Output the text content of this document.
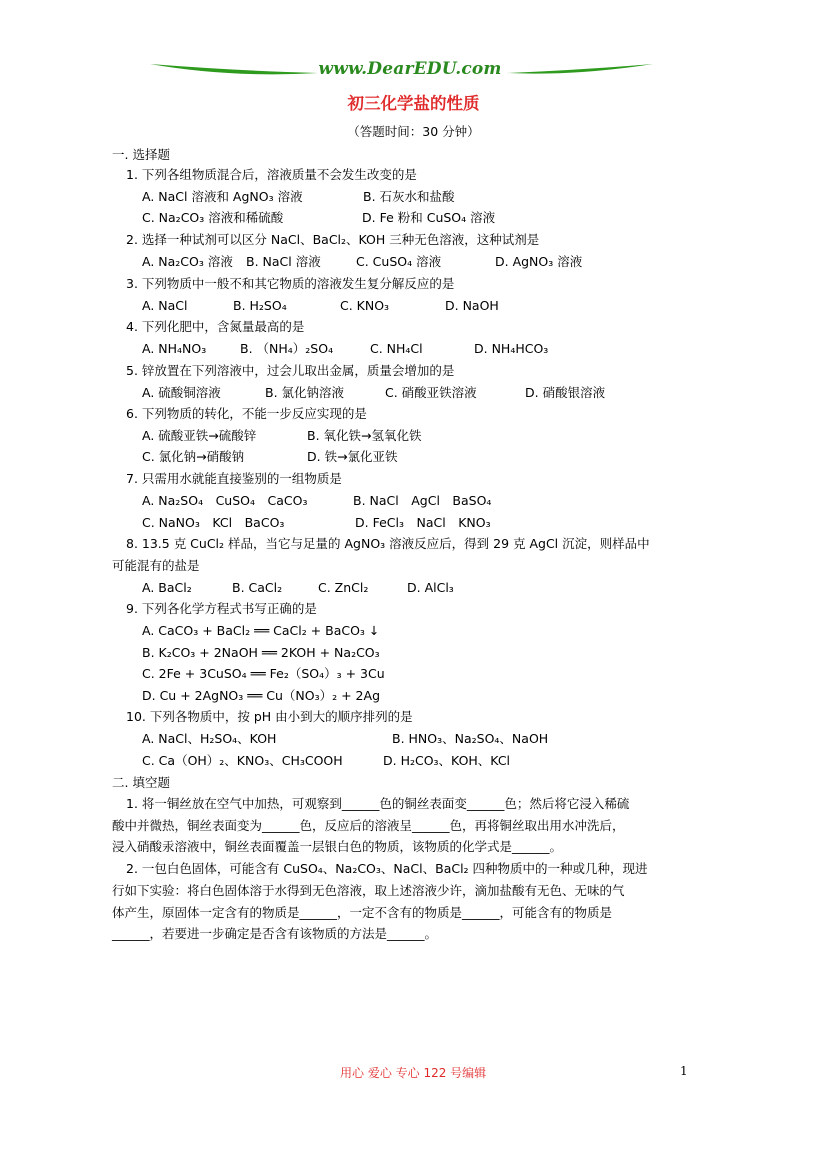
www.DearEDU.com
初三化学盐的性质
（答题时间：30 分钟）
一. 选择题
1. 下列各组物质混合后，溶液质量不会发生改变的是
A. NaCl 溶液和 AgNO₃ 溶液	B. 石灰水和盐酸
C. Na₂CO₃ 溶液和稀硫酸	D. Fe 粉和 CuSO₄ 溶液
2. 选择一种试剂可以区分 NaCl、BaCl₂、KOH 三种无色溶液，这种试剂是
A. Na₂CO₃ 溶液 B. NaCl 溶液	C. CuSO₄ 溶液	D. AgNO₃ 溶液
3. 下列物质中一般不和其它物质的溶液发生复分解反应的是
A. NaCl	B. H₂SO₄	C. KNO₃	D. NaOH
4. 下列化肥中，含氮量最高的是
A. NH₄NO₃	B. （NH₄）₂SO₄	C. NH₄Cl	D. NH₄HCO₃
5. 锌放置在下列溶液中，过会儿取出金属，质量会增加的是
A. 硫酸铜溶液	B. 氯化钠溶液	C. 硝酸亚铁溶液	D. 硝酸银溶液
6. 下列物质的转化，不能一步反应实现的是
A. 硫酸亚铁→硫酸锌	B. 氧化铁→氢氧化铁
C. 氯化钠→硝酸钠	D. 铁→氯化亚铁
7. 只需用水就能直接鉴别的一组物质是
A. Na₂SO₄　CuSO₄　CaCO₃	B. NaCl　AgCl　BaSO₄
C. NaNO₃　KCl　BaCO₃	D. FeCl₃　NaCl　KNO₃
8. 13.5 克 CuCl₂ 样品，当它与足量的 AgNO₃ 溶液反应后，得到 29 克 AgCl 沉淀，则样品中
可能混有的盐是
A. BaCl₂	B. CaCl₂	C. ZnCl₂	D. AlCl₃
9. 下列各化学方程式书写正确的是
A. CaCO₃ + BaCl₂ ══ CaCl₂ + BaCO₃ ↓
B. K₂CO₃ + 2NaOH ══ 2KOH + Na₂CO₃
C. 2Fe + 3CuSO₄ ══ Fe₂（SO₄）₃ + 3Cu
D. Cu + 2AgNO₃ ══ Cu（NO₃）₂ + 2Ag
10. 下列各物质中，按 pH 由小到大的顺序排列的是
A. NaCl、H₂SO₄、KOH	B. HNO₃、Na₂SO₄、NaOH
C. Ca（OH）₂、KNO₃、CH₃COOH	D. H₂CO₃、KOH、KCl
二. 填空题
1. 将一铜丝放在空气中加热，可观察到______色的铜丝表面变______色；然后将它浸入稀硫
酸中并微热，铜丝表面变为______色，反应后的溶液呈______色，再将铜丝取出用水冲洗后，
浸入硝酸汞溶液中，铜丝表面覆盖一层银白色的物质，该物质的化学式是______。
2. 一包白色固体，可能含有 CuSO₄、Na₂CO₃、NaCl、BaCl₂ 四种物质中的一种或几种，现进
行如下实验：将白色固体溶于水得到无色溶液，取上述溶液少许，滴加盐酸有无色、无味的气
体产生，原固体一定含有的物质是______，一定不含有的物质是______，可能含有的物质是
______，若要进一步确定是否含有该物质的方法是______。
用心 爱心 专心 122 号编辑	1
